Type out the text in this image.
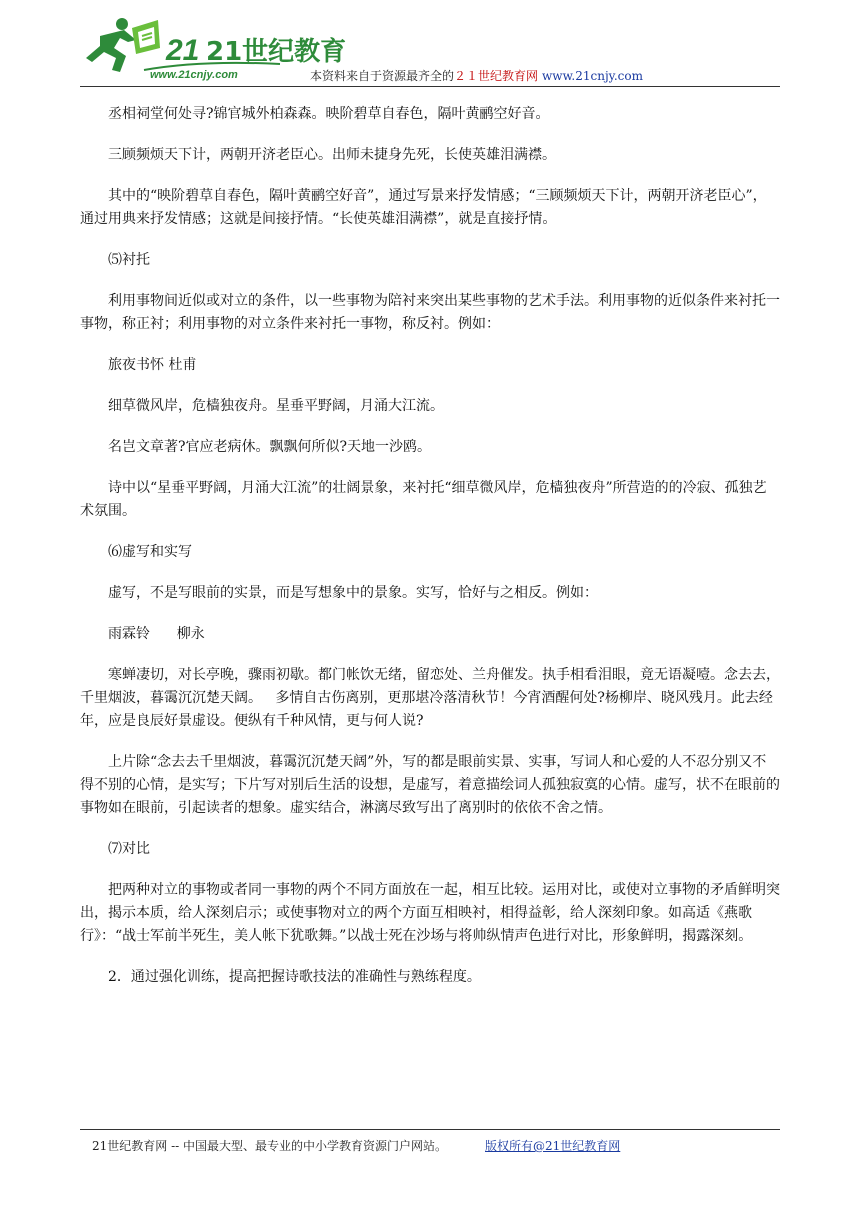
21 21世纪教育
www.21cnjy.com	本资料来自于资源最齐全的２１世纪教育网 www.21cnjy.com

丞相祠堂何处寻?锦官城外柏森森。映阶碧草自春色，隔叶黄鹂空好音。

三顾频烦天下计，两朝开济老臣心。出师未捷身先死，长使英雄泪满襟。

其中的“映阶碧草自春色，隔叶黄鹂空好音”，通过写景来抒发情感；“三顾频烦天下计，两朝开济老臣心”，通过用典来抒发情感；这就是间接抒情。“长使英雄泪满襟”，就是直接抒情。

⑸衬托

利用事物间近似或对立的条件，以一些事物为陪衬来突出某些事物的艺术手法。利用事物的近似条件来衬托一事物，称正衬；利用事物的对立条件来衬托一事物，称反衬。例如：

旅夜书怀 杜甫

细草微风岸，危樯独夜舟。星垂平野阔，月涌大江流。

名岂文章著?官应老病休。飘飘何所似?天地一沙鸥。

诗中以“星垂平野阔，月涌大江流”的壮阔景象，来衬托“细草微风岸，危樯独夜舟”所营造的的冷寂、孤独艺术氛围。

⑹虚写和实写

虚写，不是写眼前的实景，而是写想象中的景象。实写，恰好与之相反。例如：

雨霖铃      柳永

寒蝉凄切，对长亭晚，骤雨初歇。都门帐饮无绪，留恋处、兰舟催发。执手相看泪眼，竟无语凝噎。念去去，千里烟波，暮霭沉沉楚天阔。   多情自古伤离别，更那堪冷落清秋节！今宵酒醒何处?杨柳岸、晓风残月。此去经年，应是良辰好景虚设。便纵有千种风情，更与何人说?

上片除“念去去千里烟波，暮霭沉沉楚天阔”外，写的都是眼前实景、实事，写词人和心爱的人不忍分别又不得不别的心情，是实写；下片写对别后生活的设想，是虚写，着意描绘词人孤独寂寞的心情。虚写，状不在眼前的事物如在眼前，引起读者的想象。虚实结合，淋漓尽致写出了离别时的依依不舍之情。

⑺对比

把两种对立的事物或者同一事物的两个不同方面放在一起，相互比较。运用对比，或使对立事物的矛盾鲜明突出，揭示本质，给人深刻启示；或使事物对立的两个方面互相映衬，相得益彰，给人深刻印象。如高适《燕歌行》：“战士军前半死生，美人帐下犹歌舞。”以战士死在沙场与将帅纵情声色进行对比，形象鲜明，揭露深刻。

2．通过强化训练，提高把握诗歌技法的准确性与熟练程度。

21世纪教育网 -- 中国最大型、最专业的中小学教育资源门户网站。	版权所有@21世纪教育网
